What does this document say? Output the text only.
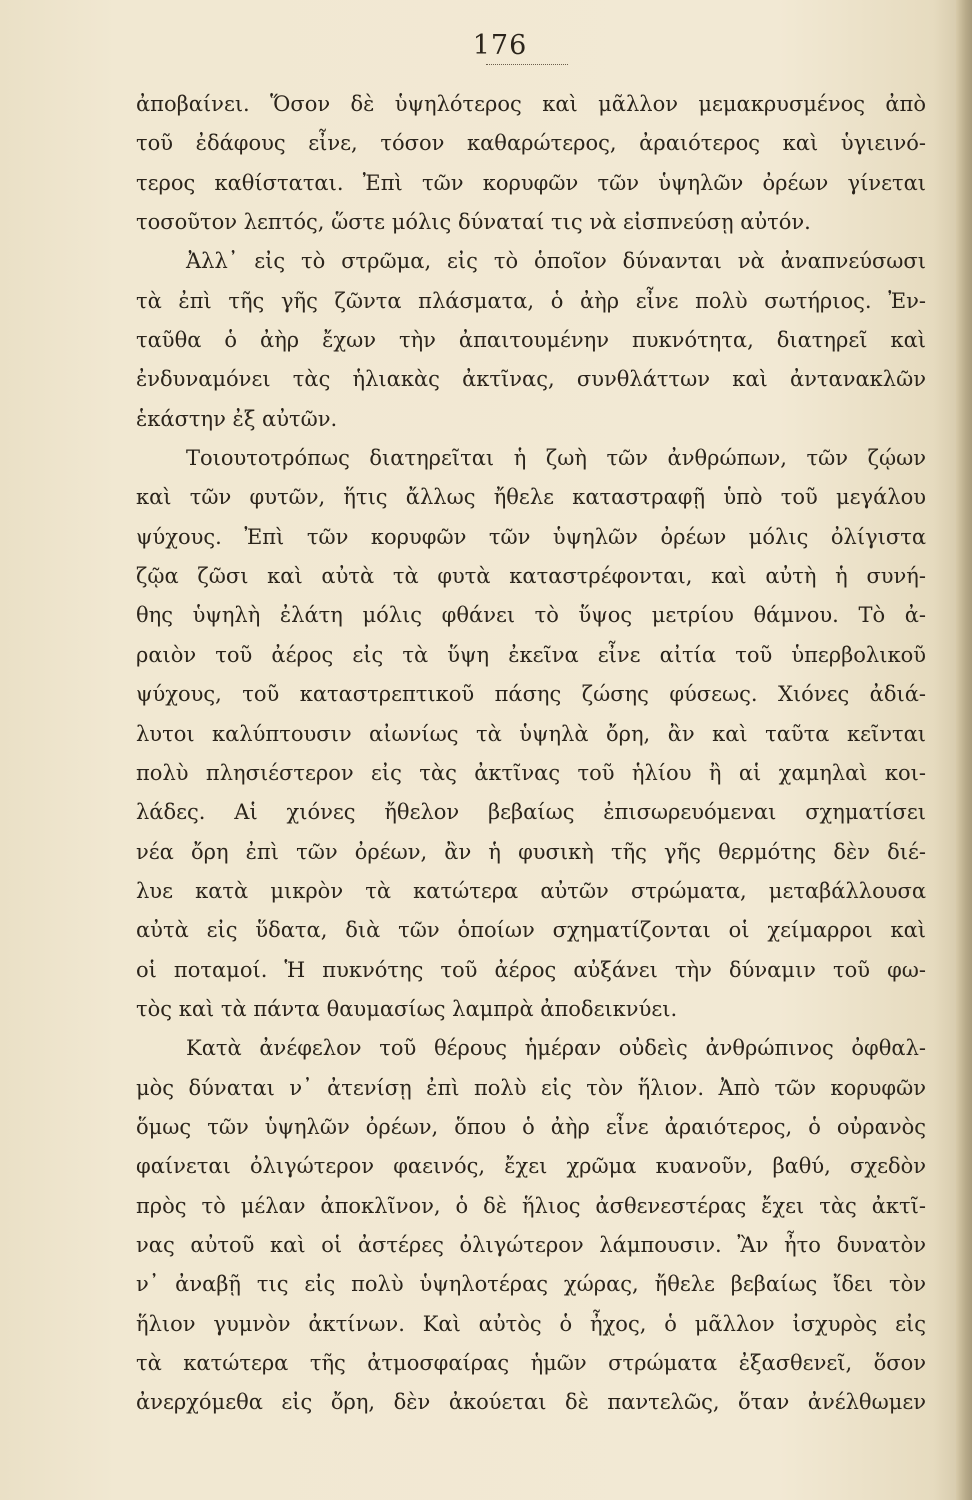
176
ἀποβαίνει. Ὅσον δὲ ὑψηλότερος καὶ μᾶλλον μεμακρυσμένος ἀπὸ
τοῦ ἐδάφους εἶνε, τόσον καθαρώτερος, ἀραιότερος καὶ ὑγιεινό-
τερος καθίσταται. Ἐπὶ τῶν κορυφῶν τῶν ὑψηλῶν ὀρέων γίνεται
τοσοῦτον λεπτός, ὥστε μόλις δύναταί τις νὰ εἰσπνεύσῃ αὐτόν.
Ἀλλ᾽ εἰς τὸ στρῶμα, εἰς τὸ ὁποῖον δύνανται νὰ ἀναπνεύσωσι
τὰ ἐπὶ τῆς γῆς ζῶντα πλάσματα, ὁ ἀὴρ εἶνε πολὺ σωτήριος. Ἐν-
ταῦθα ὁ ἀὴρ ἔχων τὴν ἀπαιτουμένην πυκνότητα, διατηρεῖ καὶ
ἐνδυναμόνει τὰς ἡλιακὰς ἀκτῖνας, συνθλάττων καὶ ἀντανακλῶν
ἑκάστην ἐξ αὐτῶν.
Τοιουτοτρόπως διατηρεῖται ἡ ζωὴ τῶν ἀνθρώπων, τῶν ζῴων
καὶ τῶν φυτῶν, ἥτις ἄλλως ἤθελε καταστραφῇ ὑπὸ τοῦ μεγάλου
ψύχους. Ἐπὶ τῶν κορυφῶν τῶν ὑψηλῶν ὀρέων μόλις ὀλίγιστα
ζῷα ζῶσι καὶ αὐτὰ τὰ φυτὰ καταστρέφονται, καὶ αὐτὴ ἡ συνή-
θης ὑψηλὴ ἐλάτη μόλις φθάνει τὸ ὕψος μετρίου θάμνου. Τὸ ἀ-
ραιὸν τοῦ ἀέρος εἰς τὰ ὕψη ἐκεῖνα εἶνε αἰτία τοῦ ὑπερβολικοῦ
ψύχους, τοῦ καταστρεπτικοῦ πάσης ζώσης φύσεως. Χιόνες ἀδιά-
λυτοι καλύπτουσιν αἰωνίως τὰ ὑψηλὰ ὄρη, ἂν καὶ ταῦτα κεῖνται
πολὺ πλησιέστερον εἰς τὰς ἀκτῖνας τοῦ ἡλίου ἢ αἱ χαμηλαὶ κοι-
λάδες. Αἱ χιόνες ἤθελον βεβαίως ἐπισωρευόμεναι σχηματίσει
νέα ὄρη ἐπὶ τῶν ὀρέων, ἂν ἡ φυσικὴ τῆς γῆς θερμότης δὲν διέ-
λυε κατὰ μικρὸν τὰ κατώτερα αὐτῶν στρώματα, μεταβάλλουσα
αὐτὰ εἰς ὕδατα, διὰ τῶν ὁποίων σχηματίζονται οἱ χείμαρροι καὶ
οἱ ποταμοί. Ἡ πυκνότης τοῦ ἀέρος αὐξάνει τὴν δύναμιν τοῦ φω-
τὸς καὶ τὰ πάντα θαυμασίως λαμπρὰ ἀποδεικνύει.
Κατὰ ἀνέφελον τοῦ θέρους ἡμέραν οὐδεὶς ἀνθρώπινος ὀφθαλ-
μὸς δύναται ν᾽ ἀτενίσῃ ἐπὶ πολὺ εἰς τὸν ἥλιον. Ἀπὸ τῶν κορυφῶν
ὅμως τῶν ὑψηλῶν ὀρέων, ὅπου ὁ ἀὴρ εἶνε ἀραιότερος, ὁ οὐρανὸς
φαίνεται ὀλιγώτερον φαεινός, ἔχει χρῶμα κυανοῦν, βαθύ, σχεδὸν
πρὸς τὸ μέλαν ἀποκλῖνον, ὁ δὲ ἥλιος ἀσθενεστέρας ἔχει τὰς ἀκτῖ-
νας αὐτοῦ καὶ οἱ ἀστέρες ὀλιγώτερον λάμπουσιν. Ἂν ἦτο δυνατὸν
ν᾽ ἀναβῇ τις εἰς πολὺ ὑψηλοτέρας χώρας, ἤθελε βεβαίως ἴδει τὸν
ἥλιον γυμνὸν ἀκτίνων. Καὶ αὐτὸς ὁ ἦχος, ὁ μᾶλλον ἰσχυρὸς εἰς
τὰ κατώτερα τῆς ἀτμοσφαίρας ἡμῶν στρώματα ἐξασθενεῖ, ὅσον
ἀνερχόμεθα εἰς ὄρη, δὲν ἀκούεται δὲ παντελῶς, ὅταν ἀνέλθωμεν
